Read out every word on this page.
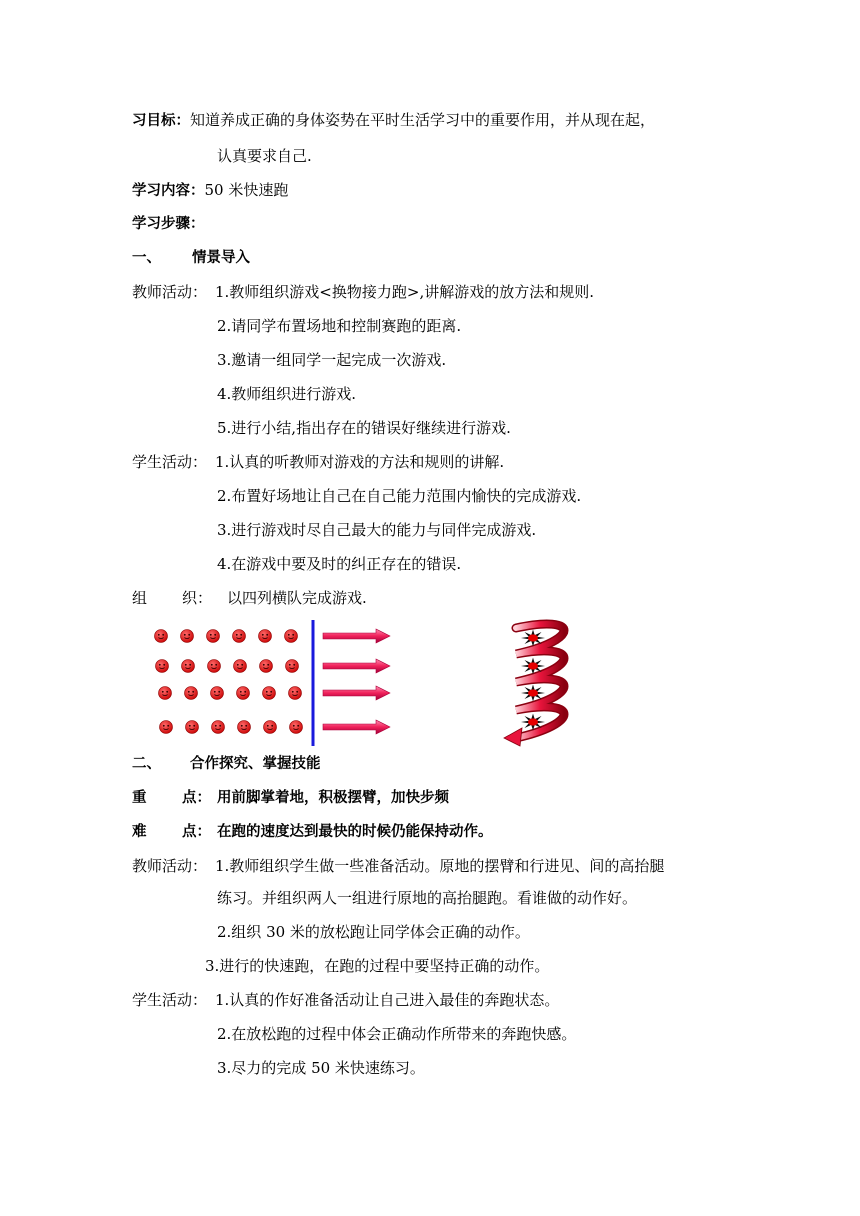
习目标：知道养成正确的身体姿势在平时生活学习中的重要作用，并从现在起，
认真要求自己.
学习内容：50 米快速跑
学习步骤：
一、 情景导入
教师活动： 1.教师组织游戏<换物接力跑>,讲解游戏的放方法和规则.
2.请同学布置场地和控制赛跑的距离.
3.邀请一组同学一起完成一次游戏.
4.教师组织进行游戏.
5.进行小结,指出存在的错误好继续进行游戏.
学生活动： 1.认真的听教师对游戏的方法和规则的讲解.
2.布置好场地让自己在自己能力范围内愉快的完成游戏.
3.进行游戏时尽自己最大的能力与同伴完成游戏.
4.在游戏中要及时的纠正存在的错误.
组 织： 以四列横队完成游戏.
二、 合作探究、掌握技能
重 点： 用前脚掌着地，积极摆臂，加快步频
难 点： 在跑的速度达到最快的时候仍能保持动作。
教师活动： 1.教师组织学生做一些准备活动。原地的摆臂和行进见、间的高抬腿
练习。并组织两人一组进行原地的高抬腿跑。看谁做的动作好。
2.组织 30 米的放松跑让同学体会正确的动作。
3.进行的快速跑，在跑的过程中要坚持正确的动作。
学生活动： 1.认真的作好准备活动让自己进入最佳的奔跑状态。
2.在放松跑的过程中体会正确动作所带来的奔跑快感。
3.尽力的完成 50 米快速练习。
